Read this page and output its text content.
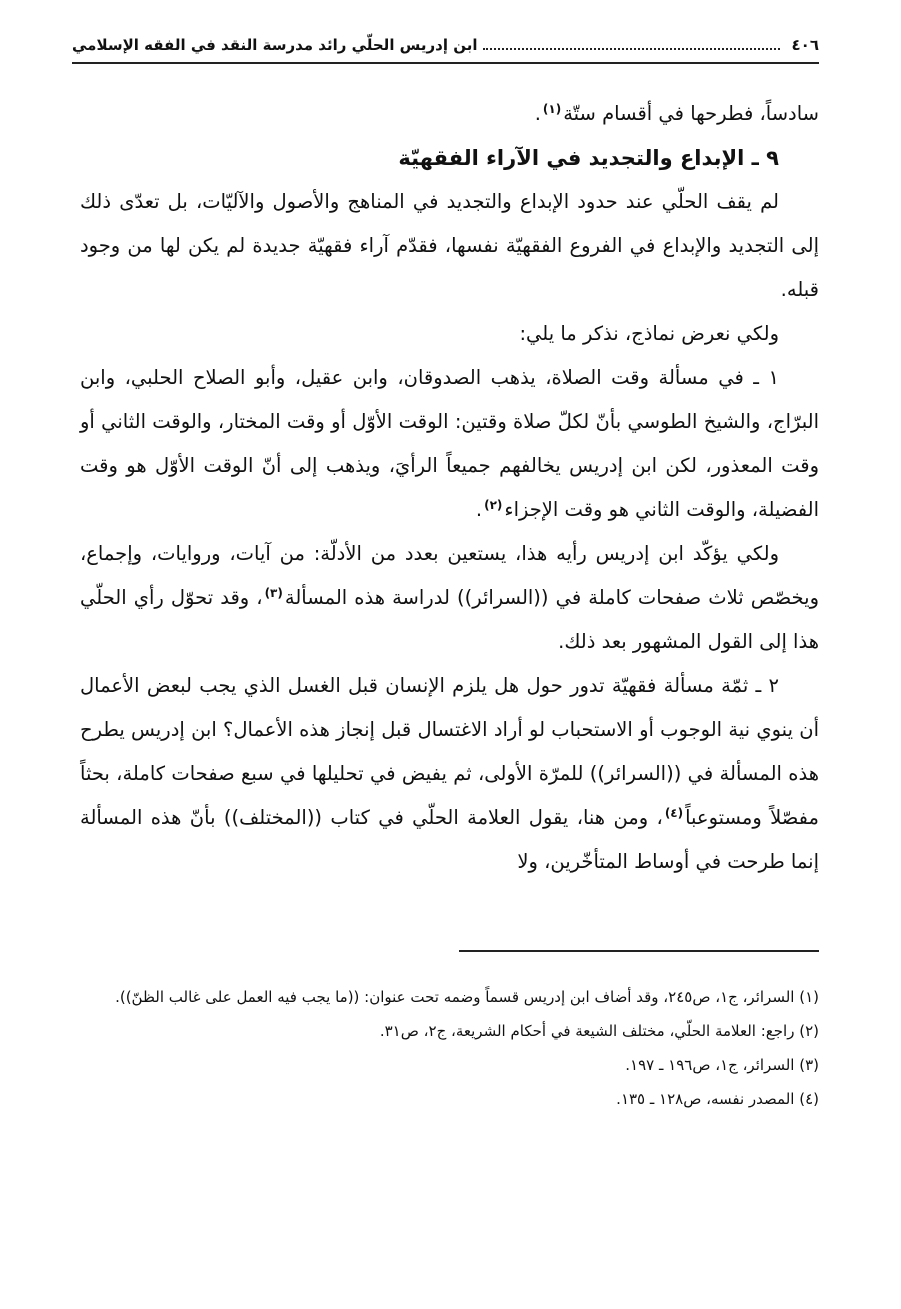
٤٠٦
ابن إدريس الحلّي رائد مدرسة النقد في الفقه الإسلامي

سادساً، فطرحها في أقسام ستّة$^{(١)}$.

٩ ـ الإبداع والتجديد في الآراء الفقهيّة

لم يقف الحلّي عند حدود الإبداع والتجديد في المناهج والأصول والآليّات، بل تعدّى ذلك إلى التجديد والإبداع في الفروع الفقهيّة نفسها، فقدّم آراء فقهيّة جديدة لم يكن لها من وجود قبله.

ولكي نعرض نماذج، نذكر ما يلي:

١ ـ في مسألة وقت الصلاة، يذهب الصدوقان، وابن عقيل، وأبو الصلاح الحلبي، وابن البرّاج، والشيخ الطوسي بأنّ لكلّ صلاة وقتين: الوقت الأوّل أو وقت المختار، والوقت الثاني أو وقت المعذور، لكن ابن إدريس يخالفهم جميعاً الرأيَ، ويذهب إلى أنّ الوقت الأوّل هو وقت الفضيلة، والوقت الثاني هو وقت الإجزاء$^{(٢)}$.

ولكي يؤكّد ابن إدريس رأيه هذا، يستعين بعدد من الأدلّة: من آيات، وروايات، وإجماع، ويخصّص ثلاث صفحات كاملة في ((السرائر)) لدراسة هذه المسألة$^{(٣)}$، وقد تحوّل رأي الحلّي هذا إلى القول المشهور بعد ذلك.

٢ ـ ثمّة مسألة فقهيّة تدور حول هل يلزم الإنسان قبل الغسل الذي يجب لبعض الأعمال أن ينوي نية الوجوب أو الاستحباب لو أراد الاغتسال قبل إنجاز هذه الأعمال؟ ابن إدريس يطرح هذه المسألة في ((السرائر)) للمرّة الأولى، ثم يفيض في تحليلها في سبع صفحات كاملة، بحثاً مفصّلاً ومستوعباً$^{(٤)}$، ومن هنا، يقول العلامة الحلّي في كتاب ((المختلف)) بأنّ هذه المسألة إنما طرحت في أوساط المتأخّرين، ولا

(١) السرائر، ج١، ص٢٤٥، وقد أضاف ابن إدريس قسماً وضمه تحت عنوان: ((ما يجب فيه العمل على غالب الظنّ)).

(٢) راجع: العلامة الحلّي، مختلف الشيعة في أحكام الشريعة، ج٢، ص٣١.

(٣) السرائر، ج١، ص١٩٦ ـ ١٩٧.

(٤) المصدر نفسه، ص١٢٨ ـ ١٣٥.
